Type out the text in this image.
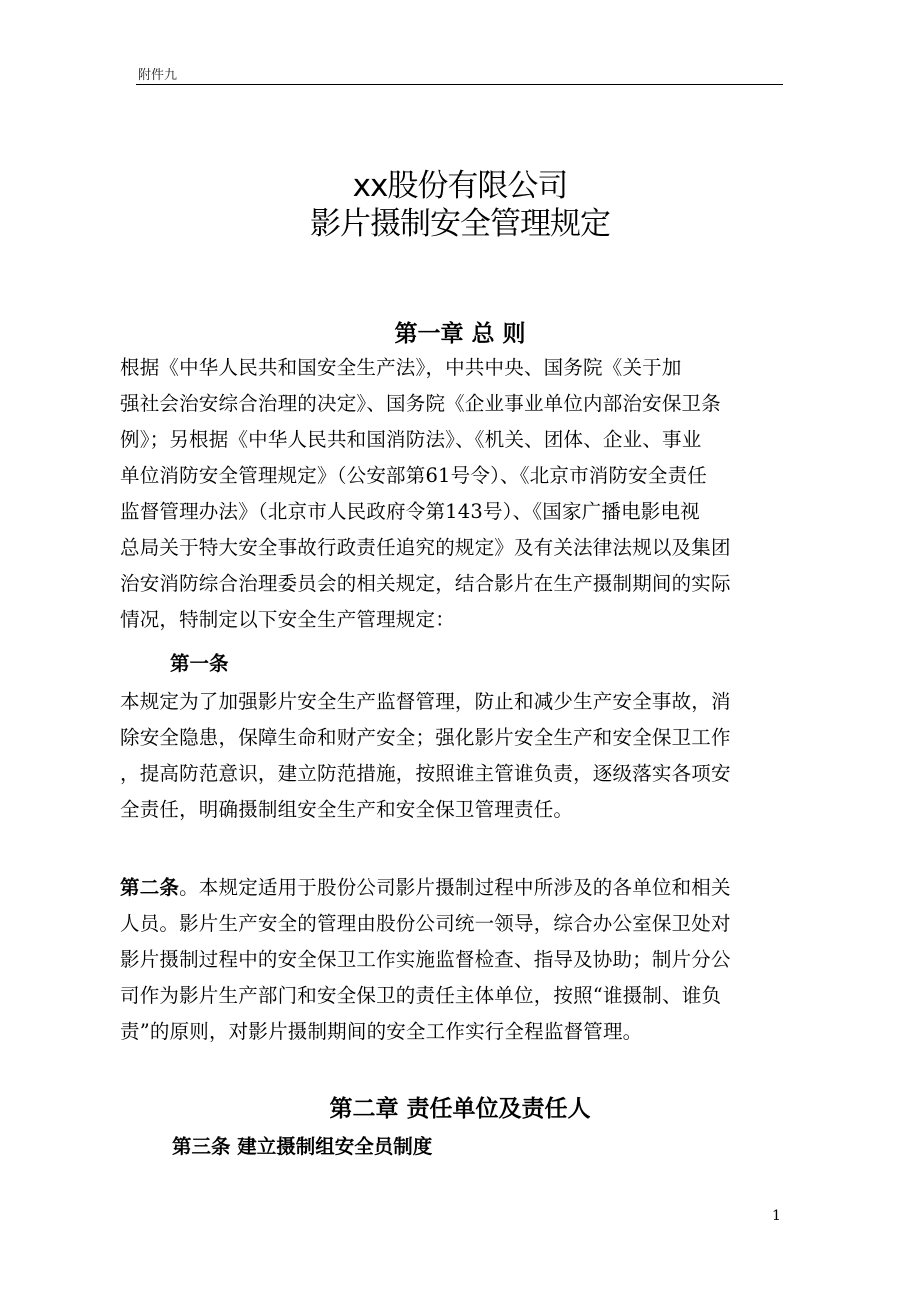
附件九
xx股份有限公司
影片摄制安全管理规定
第一章 总 则
根据《中华人民共和国安全生产法》，中共中央、国务院《关于加
强社会治安综合治理的决定》、国务院《企业事业单位内部治安保卫条
例》；另根据《中华人民共和国消防法》、《机关、团体、企业、事业
单位消防安全管理规定》（公安部第61号令）、《北京市消防安全责任
监督管理办法》（北京市人民政府令第143号）、《国家广播电影电视
总局关于特大安全事故行政责任追究的规定》及有关法律法规以及集团
治安消防综合治理委员会的相关规定，结合影片在生产摄制期间的实际
情况，特制定以下安全生产管理规定：
第一条
本规定为了加强影片安全生产监督管理，防止和减少生产安全事故，消
除安全隐患，保障生命和财产安全；强化影片安全生产和安全保卫工作
，提高防范意识，建立防范措施，按照谁主管谁负责，逐级落实各项安
全责任，明确摄制组安全生产和安全保卫管理责任。
第二条。本规定适用于股份公司影片摄制过程中所涉及的各单位和相关
人员。影片生产安全的管理由股份公司统一领导，综合办公室保卫处对
影片摄制过程中的安全保卫工作实施监督检查、指导及协助；制片分公
司作为影片生产部门和安全保卫的责任主体单位，按照“谁摄制、谁负
责”的原则，对影片摄制期间的安全工作实行全程监督管理。
第二章 责任单位及责任人
第三条 建立摄制组安全员制度
1
